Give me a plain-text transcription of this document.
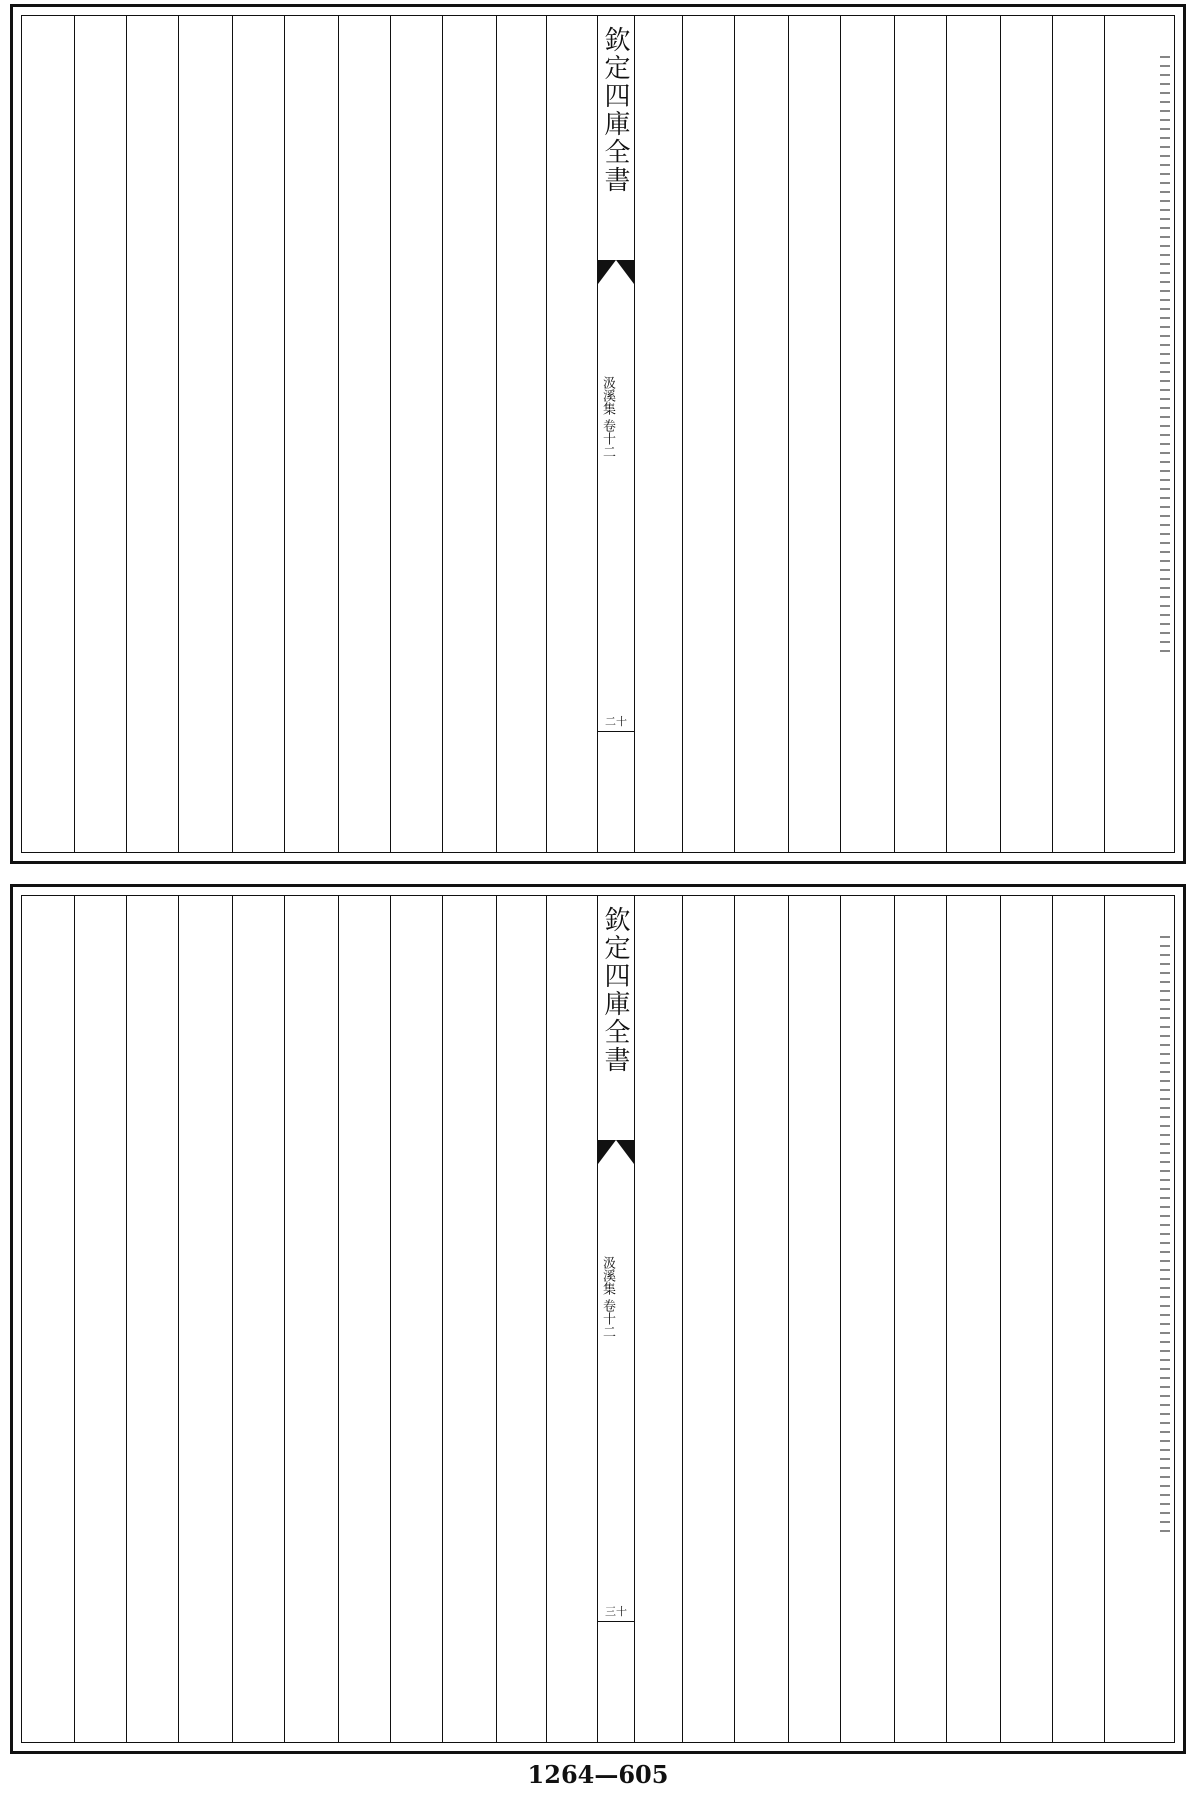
欽定四庫全書
汲溪集 卷十二
二十
欽定四庫全書
汲溪集 卷十二
三十
1264—605
